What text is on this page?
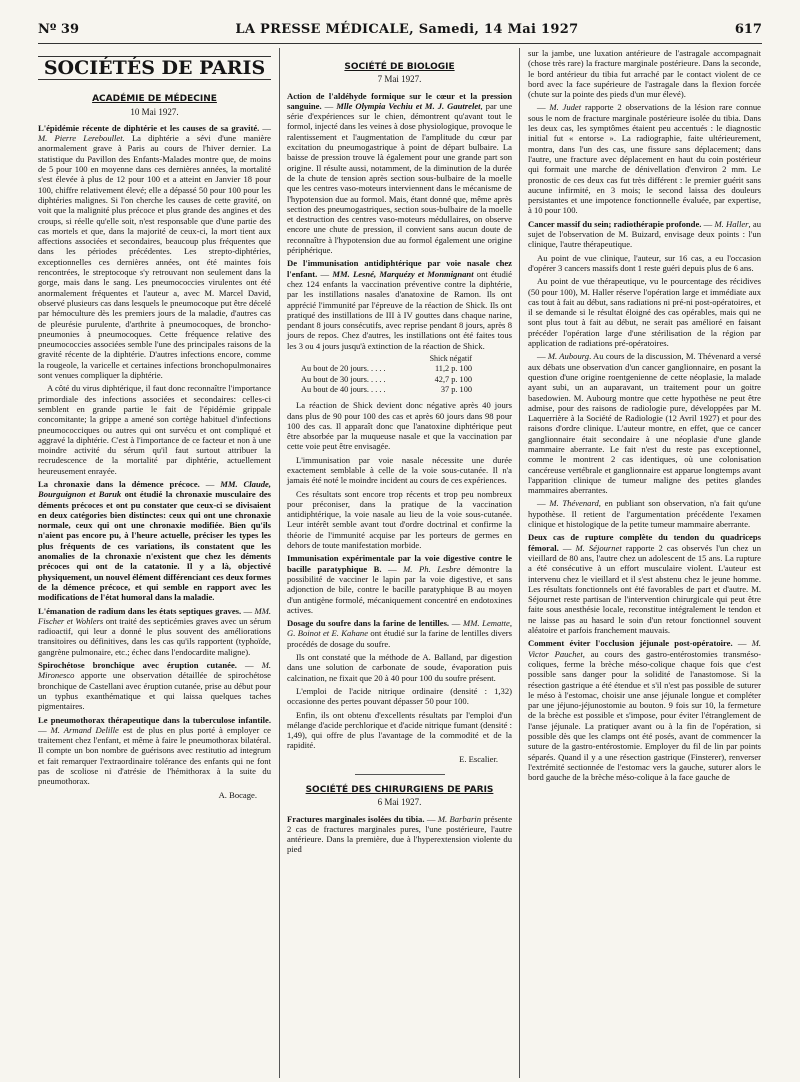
Nº 39	LA PRESSE MÉDICALE, Samedi, 14 Mai 1927	617
SOCIÉTÉS DE PARIS
ACADÉMIE DE MÉDECINE
10 Mai 1927.

L'épidémie récente de diphtérie et les causes de sa gravité. — M. Pierre Lereboullet. La diphtérie a sévi d'une manière anormalement grave à Paris au cours de l'hiver dernier. La statistique du Pavillon des Enfants-Malades montre que, de moins de 5 pour 100 en moyenne dans ces dernières années, la mortalité s'est élevée à plus de 12 pour 100 et a atteint en Janvier 18 pour 100, chiffre relativement élevé; elle a dépassé 50 pour 100 pour les diphtéries malignes. Si l'on cherche les causes de cette gravité, on voit que la malignité plus précoce et plus grande des angines et des croups, si réelle qu'elle soit, n'est responsable que d'une partie des cas mortels et que, dans la majorité de ceux-ci, la mort tient aux affections associées et secondaires, beaucoup plus fréquentes que dans les périodes précédentes. Les strepto-diphtéries, exceptionnelles ces dernières années, ont été maintes fois rencontrées, le streptocoque s'y retrouvant non seulement dans la gorge, mais dans le sang. Les pneumococcies virulentes ont été anormalement fréquentes et l'auteur a, avec M. Marcel David, observé plusieurs cas dans lesquels le pneumocoque put être décelé par hémoculture dès les premiers jours de la maladie, d'autres cas de pleurésie purulente, d'arthrite à pneumocoques, de broncho-pneumonies à pneumocoques. Cette fréquence relative des pneumococcies associées semble l'une des principales raisons de la gravité récente de la diphtérie. D'autres infections encore, comme la rougeole, la varicelle et certaines infections bronchopulmonaires sont venues compliquer la diphtérie.

A côté du virus diphtérique, il faut donc reconnaître l'importance primordiale des infections associées et secondaires: celles-ci semblent en grande partie le fait de l'épidémie grippale concomitante; la grippe a amené son cortège habituel d'infections pneumococciques ou autres qui ont survécu et ont compliqué et aggravé la diphtérie. C'est à l'importance de ce facteur et non à une moindre activité du sérum qu'il faut surtout attribuer la recrudescence de la mortalité par diphtérie, actuellement heureusement enrayée.

La chronaxie dans la démence précoce. — MM. Claude, Bourguignon et Baruk ont étudié la chronaxie musculaire des déments précoces et ont pu constater que ceux-ci se divisaient en deux catégories bien distinctes: ceux qui ont une chronaxie normale, ceux qui ont une chronaxie modifiée. Bien qu'ils n'aient pas encore pu, à l'heure actuelle, préciser les types les plus fréquents de ces variations, ils constatent que les anomalies de la chronaxie n'existent que chez les déments précoces qui ont de la catatonie. Il y a là, objectivé physiquement, un nouvel élément différenciant ces deux formes de la démence précoce, et qui semble en rapport avec les modifications de l'état humoral dans la maladie.

L'émanation de radium dans les états septiques graves. — MM. Fischer et Wohlers ont traité des septicémies graves avec un sérum radioactif, qui leur a donné le plus souvent des améliorations transitoires ou définitives, dans les cas qu'ils rapportent (typhoïde, gangrène pulmonaire, etc.; échec dans l'endocardite maligne).

Spirochétose bronchique avec éruption cutanée. — M. Mironesco apporte une observation détaillée de spirochétose bronchique de Castellani avec éruption cutanée, prise au début pour un typhus exanthématique et qui laissa quelques taches pigmentaires.

Le pneumothorax thérapeutique dans la tuberculose infantile. — M. Armand Delille est de plus en plus porté à employer ce traitement chez l'enfant, et même à faire le pneumothorax bilatéral. Il compte un bon nombre de guérisons avec restitutio ad integrum et fait remarquer l'extraordinaire tolérance des enfants qui ne font pas de scoliose ni d'atrésie de l'hémithorax à la suite du pneumothorax.

A. Bocage.
SOCIÉTÉ DE BIOLOGIE
7 Mai 1927.

Action de l'aldéhyde formique sur le cœur et la pression sanguine. — Mlle Olympia Vechiu et M. J. Gautrelet, par une série d'expériences sur le chien, démontrent qu'avant tout le formol, injecté dans les veines à dose physiologique, provoque le ralentissement et l'augmentation de l'amplitude du cœur par excitation du pneumogastrique à point de départ bulbaire. La baisse de pression trouve là également pour une grande part son origine. Il résulte aussi, notamment, de la diminution de la durée de la chute de tension après section sous-bulbaire de la moelle que les centres vaso-moteurs interviennent dans le mécanisme de l'hypotension due au formol. Mais, étant donné que, même après section des pneumogastriques, section sous-bulbaire de la moelle et destruction des centres vaso-moteurs médullaires, on observe encore une chute de pression, il convient sans aucun doute de reconnaître à l'hypotension due au formol également une origine périphérique.

De l'immunisation antidiphtérique par voie nasale chez l'enfant. — MM. Lesné, Marquézy et Monmignant ont étudié chez 124 enfants la vaccination préventive contre la diphtérie, par les instillations nasales d'anatoxine de Ramon. Ils ont apprécié l'immunité par l'épreuve de la réaction de Shick. Ils ont pratiqué des instillations de III à IV gouttes dans chaque narine, pendant 8 jours consécutifs, avec reprise pendant 8 jours, après 8 jours de repos. Chez d'autres, les instillations ont été faites tous les 3 ou 4 jours jusqu'à extinction de la réaction de Shick.

Shick négatif
Au bout de 20 jours. . . . .	11,2 p. 100
Au bout de 30 jours. . . . .	42,7 p. 100
Au bout de 40 jours. . . . .	37 p. 100

La réaction de Shick devient donc négative après 40 jours dans plus de 90 pour 100 des cas et après 60 jours dans 98 pour 100 des cas. Il apparaît donc que l'anatoxine diphtérique peut être absorbée par la muqueuse nasale et que la vaccination par cette voie peut être envisagée.

L'immunisation par voie nasale nécessite une durée exactement semblable à celle de la voie sous-cutanée. Il n'a jamais été noté le moindre incident au cours de ces expériences.

Ces résultats sont encore trop récents et trop peu nombreux pour préconiser, dans la pratique de la vaccination antidiphtérique, la voie nasale au lieu de la voie sous-cutanée. Leur intérêt semble avant tout d'ordre doctrinal et confirme la théorie de l'immunité acquise par les porteurs de germes en dehors de toute manifestation morbide.

Immunisation expérimentale par la voie digestive contre le bacille paratyphique B. — M. Ph. Lesbre démontre la possibilité de vacciner le lapin par la voie digestive, et sans adjonction de bile, contre le bacille paratyphique B au moyen d'un antigène formolé, mécaniquement concentré en endotoxines actives.

Dosage du soufre dans la farine de lentilles. — MM. Lematte, G. Boinot et E. Kahane ont étudié sur la farine de lentilles divers procédés de dosage du soufre.

Ils ont constaté que la méthode de A. Balland, par digestion dans une solution de carbonate de soude, évaporation puis calcination, ne fixait que 20 à 40 pour 100 du soufre présent.

L'emploi de l'acide nitrique ordinaire (densité : 1,32) occasionne des pertes pouvant dépasser 50 pour 100.

Enfin, ils ont obtenu d'excellents résultats par l'emploi d'un mélange d'acide perchlorique et d'acide nitrique fumant (densité : 1,49), qui offre de plus l'avantage de la commodité et de la rapidité.

E. Escalier.
SOCIÉTÉ DES CHIRURGIENS DE PARIS
6 Mai 1927.

Fractures marginales isolées du tibia. — M. Barbarin présente 2 cas de fractures marginales pures, l'une postérieure, l'autre antérieure. Dans la première, due à l'hyperextension violente du pied

sur la jambe, une luxation antérieure de l'astragale accompagnait (chose très rare) la fracture marginale postérieure. Dans la seconde, le bord antérieur du tibia fut arraché par le contact violent de ce bord avec la face supérieure de l'astragale dans la flexion forcée (chute sur la pointe des pieds d'un mur élevé).

— M. Judet rapporte 2 observations de la lésion rare connue sous le nom de fracture marginale postérieure isolée du tibia. Dans les deux cas, les symptômes étaient peu accentués : le diagnostic initial fut « entorse ». La radiographie, faite ultérieurement, montra, dans l'un des cas, une fissure sans déplacement; dans l'autre, une fracture avec déplacement en haut du coin postérieur qui formait une marche de dénivellation d'environ 2 mm. Le pronostic de ces deux cas fut très différent : le premier guérit sans aucune infirmité, en 3 mois; le second laissa des douleurs persistantes et une impotence fonctionnelle évaluée, par expertise, à 10 pour 100.

Cancer massif du sein; radiothérapie profonde. — M. Haller, au sujet de l'observation de M. Buizard, envisage deux points : l'un clinique, l'autre thérapeutique.

Au point de vue clinique, l'auteur, sur 16 cas, a eu l'occasion d'opérer 3 cancers massifs dont 1 reste guéri depuis plus de 6 ans.

Au point de vue thérapeutique, vu le pourcentage des récidives (50 pour 100), M. Haller réserve l'opération large et immédiate aux cas tout à fait au début, sans radiations ni pré-ni post-opératoires, et il se demande si le résultat éloigné des cas opérables, mais qui ne sont plus tout à fait au début, ne serait pas amélioré en faisant précéder l'opération large d'une stérilisation de la région par application de radiations pré-opératoires.

— M. Aubourg. Au cours de la discussion, M. Thévenard a versé aux débats une observation d'un cancer ganglionnaire, en posant la question d'une origine roentgenienne de cette néoplasie, la malade ayant subi, un an auparavant, un traitement pour un goitre basedowien. M. Aubourg montre que cette hypothèse ne peut être admise, pour des raisons de radiologie pure, développées par M. Laquerrière à la Société de Radiologie (12 Avril 1927) et pour des raisons d'ordre clinique. L'auteur montre, en effet, que ce cancer ganglionnaire était secondaire à une néoplasie d'une glande mammaire aberrante. Le fait n'est du reste pas exceptionnel, comme le montrent 2 cas identiques, où une colonisation cancéreuse vertébrale et ganglionnaire est apparue longtemps avant l'apparition clinique de tumeur maligne des petites glandes mammaires aberrantes.

— M. Thévenard, en publiant son observation, n'a fait qu'une hypothèse. Il retient de l'argumentation précédente l'examen clinique et histologique de la petite tumeur mammaire aberrante.

Deux cas de rupture complète du tendon du quadriceps fémoral. — M. Séjournet rapporte 2 cas observés l'un chez un vieillard de 80 ans, l'autre chez un adolescent de 15 ans. La rupture a été consécutive à un effort musculaire violent. L'auteur est intervenu chez le vieillard et il s'est abstenu chez le jeune homme. Les résultats fonctionnels ont été favorables de part et d'autre. M. Séjournet reste partisan de l'intervention chirurgicale qui peut être faite sous anesthésie locale, reconstitue intégralement le tendon et ne laisse pas au hasard le soin d'un retour fonctionnel souvent aléatoire et parfois franchement mauvais.

Comment éviter l'occlusion jéjunale post-opératoire. — M. Victor Pauchet, au cours des gastro-entérostomies transméso-coliques, ferme la brèche méso-colique chaque fois que c'est possible sans danger pour la solidité de l'anastomose. Si la résection gastrique a été étendue et s'il n'est pas possible de suturer le méso à l'estomac, choisir une anse jéjunale longue et compléter par une jéjuno-jéjunostomie au bouton. 9 fois sur 10, la fermeture de la brèche est possible et s'impose, pour éviter l'étranglement de l'anse jéjunale. La pratiquer avant ou à la fin de l'opération, si possible dès que les clamps ont été posés, avant de commencer la suture de la gastro-entérostomie. Employer du fil de lin par points séparés. Quand il y a une résection gastrique (Finsterer), renverser l'extrémité sectionnée de l'estomac vers la gauche, suturer alors le bord gauche de la brèche méso-colique à la face gauche de
